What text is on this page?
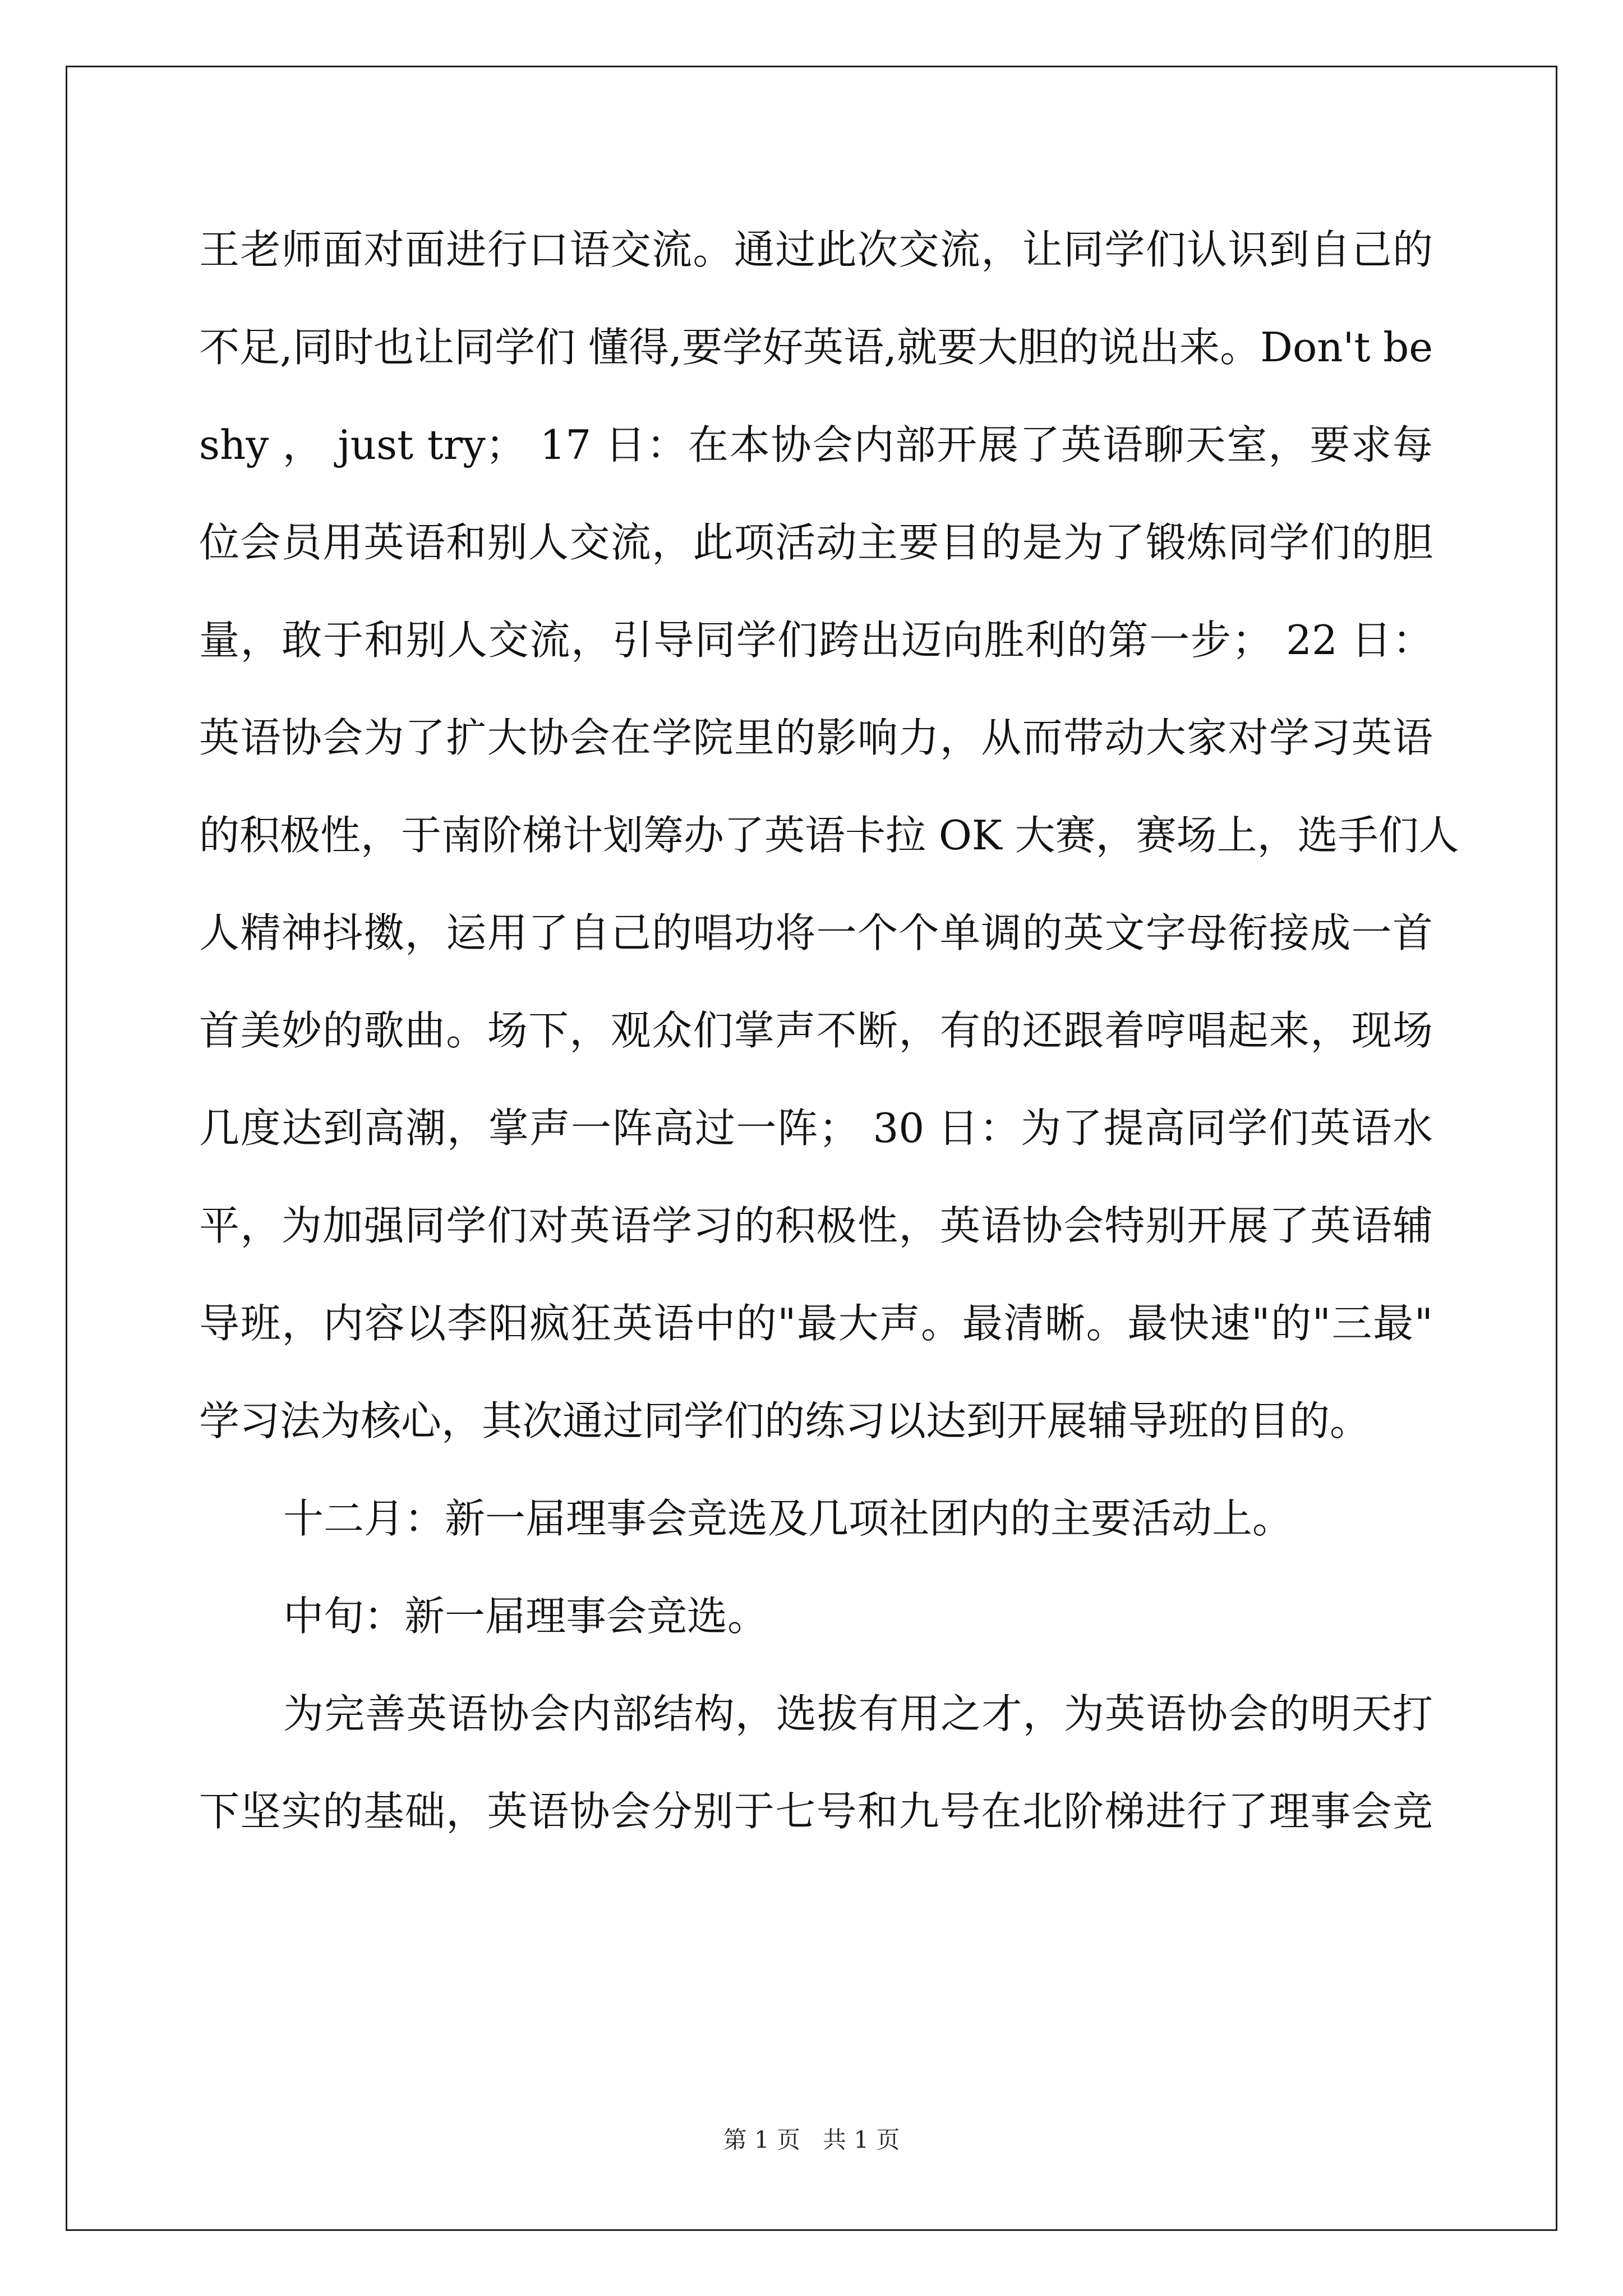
王老师面对面进行口语交流。通过此次交流，让同学们认识到自己的

不足,同时也让同学们 懂得,要学好英语,就要大胆的说出来。Don't be

shy ， just try； 17 日：在本协会内部开展了英语聊天室，要求每

位会员用英语和别人交流，此项活动主要目的是为了锻炼同学们的胆

量，敢于和别人交流，引导同学们跨出迈向胜利的第一步； 22 日：

英语协会为了扩大协会在学院里的影响力，从而带动大家对学习英语

的积极性，于南阶梯计划筹办了英语卡拉 OK 大赛，赛场上，选手们人

人精神抖擞，运用了自己的唱功将一个个单调的英文字母衔接成一首

首美妙的歌曲。场下，观众们掌声不断，有的还跟着哼唱起来，现场

几度达到高潮，掌声一阵高过一阵； 30 日：为了提高同学们英语水

平，为加强同学们对英语学习的积极性，英语协会特别开展了英语辅

导班，内容以李阳疯狂英语中的"最大声。最清晰。最快速"的"三最"

学习法为核心，其次通过同学们的练习以达到开展辅导班的目的。

十二月：新一届理事会竞选及几项社团内的主要活动上。

中旬：新一届理事会竞选。

为完善英语协会内部结构，选拔有用之才，为英语协会的明天打

下坚实的基础，英语协会分别于七号和九号在北阶梯进行了理事会竞

第 1 页 共 1 页
